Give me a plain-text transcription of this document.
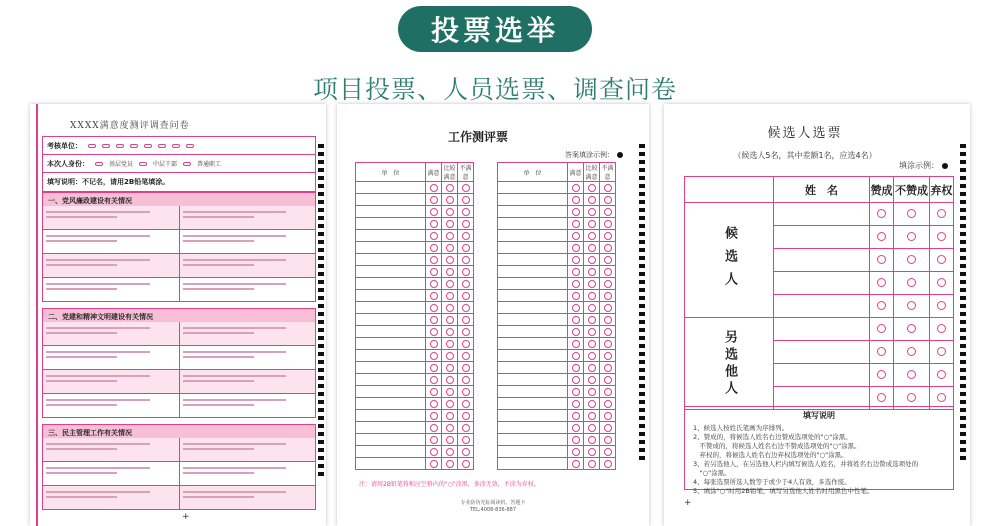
投票选举
项目投票、人员选票、调查问卷
XXXX满意度测评调查问卷
考核单位：
本次人身份：	基层党员	中层干部	普通职工
填写说明：不记名，请用2B铅笔填涂。
一、党风廉政建设有关情况
二、党建和精神文明建设有关情况
三、民主管理工作有关情况
+
工作测评票
答案填涂示例：
单　位	满意	比较满意	不满意

单　位	满意	比较满意	不满意

注：请用2B铅笔将相应空格内的"○"涂黑，多涂无效，不涂为弃权。
专业防伪光标阅读机、答题卡
TEL:4008-836-887
候选人选票
（候选人5名，其中差额1名，应选4名）
填涂示例：
	姓　名	赞成	不赞成	弃权

候选人				

另选他人				

填写说明

1、候选人按姓氏笔画为序排列。

2、赞成的，将候选人姓名右边赞成选项处的"○"涂黑。

　不赞成的，将候选人姓名右边不赞成选项处的"○"涂黑。

　弃权的，将候选人姓名右边弃权选项处的"○"涂黑。

3、若另选他人，在另选他人栏内填写候选人姓名，并将姓名右边赞成选项处的

　"○"涂黑。

4、每张选票所选人数等于或少于4人有效，多选作废。

5、填涂"○"时用2B铅笔，填写另选他人姓名时用黑色中性笔。

+
